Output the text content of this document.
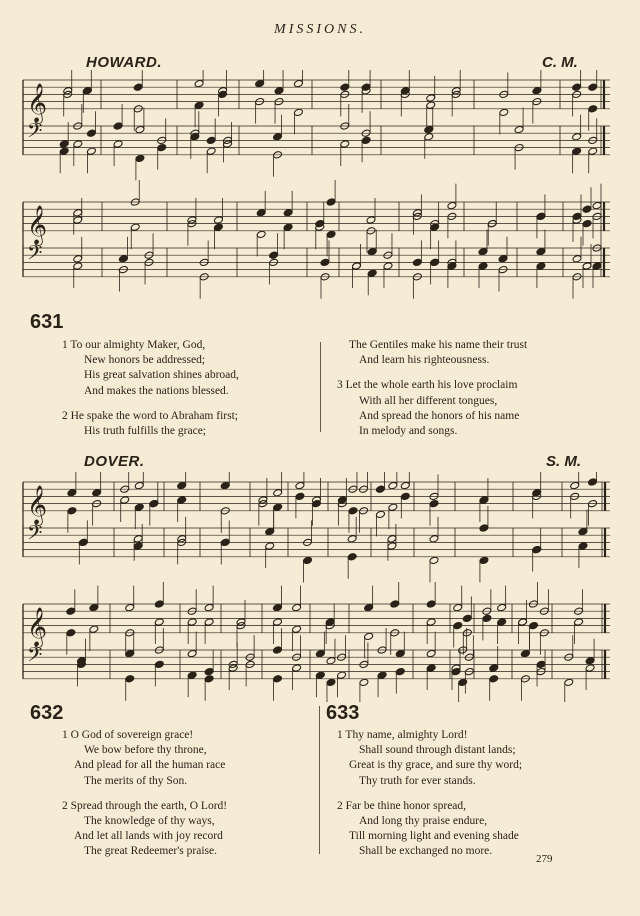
MISSIONS.
HOWARD.	C. M.
𝄞
𝄢
𝄞
𝄢
631
1 To our almighty Maker, God,
New honors be addressed;
His great salvation shines abroad,
And makes the nations blessed.
2 He spake the word to Abraham first;
His truth fulfills the grace;
The Gentiles make his name their trust
And learn his righteousness.
3 Let the whole earth his love proclaim
With all her different tongues,
And spread the honors of his name
In melody and songs.
DOVER.	S. M.
𝄞
𝄢
𝄞
𝄢
632
1 O God of sovereign grace!
We bow before thy throne,
And plead for all the human race
The merits of thy Son.
2 Spread through the earth, O Lord!
The knowledge of thy ways,
And let all lands with joy record
The great Redeemer's praise.
633
1 Thy name, almighty Lord!
Shall sound through distant lands;
Great is thy grace, and sure thy word;
Thy truth for ever stands.
2 Far be thine honor spread,
And long thy praise endure,
Till morning light and evening shade
Shall be exchanged no more.
279
